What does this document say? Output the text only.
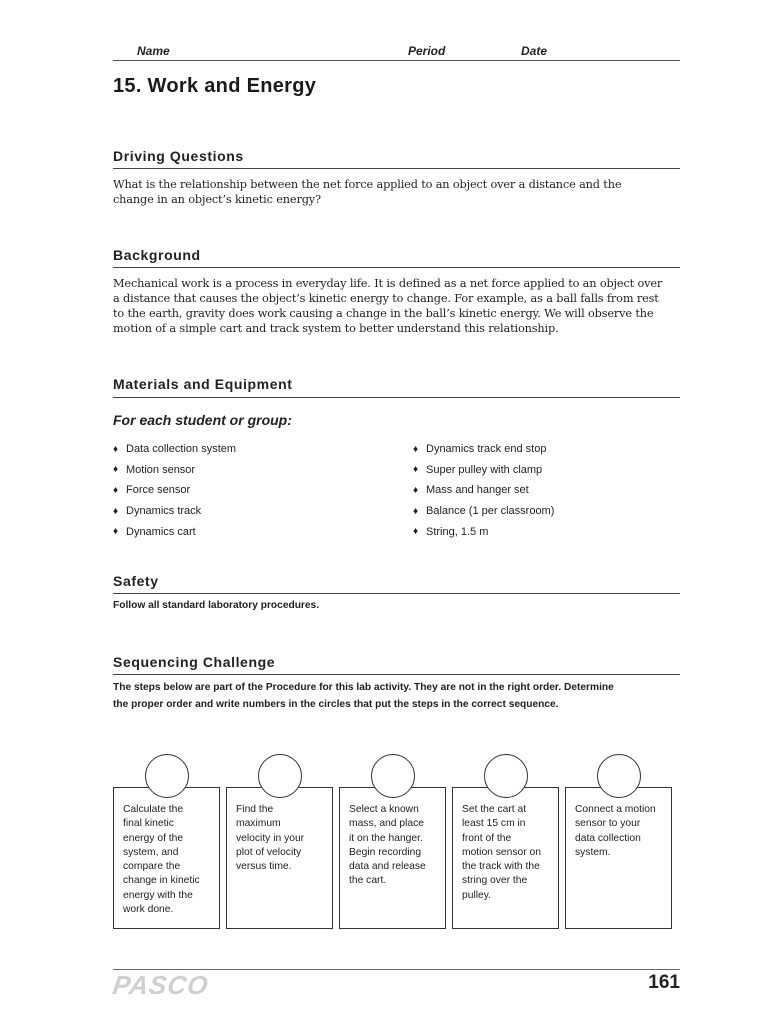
Name	Period	Date
15. Work and Energy
Driving Questions
What is the relationship between the net force applied to an object over a distance and the
change in an object’s kinetic energy?
Background
Mechanical work is a process in everyday life. It is defined as a net force applied to an object over
a distance that causes the object’s kinetic energy to change. For example, as a ball falls from rest
to the earth, gravity does work causing a change in the ball’s kinetic energy. We will observe the
motion of a simple cart and track system to better understand this relationship.
Materials and Equipment
For each student or group:
♦ Data collection system
♦ Motion sensor
♦ Force sensor
♦ Dynamics track
♦ Dynamics cart
♦ Dynamics track end stop
♦ Super pulley with clamp
♦ Mass and hanger set
♦ Balance (1 per classroom)
♦ String, 1.5 m
Safety
Follow all standard laboratory procedures.
Sequencing Challenge
The steps below are part of the Procedure for this lab activity. They are not in the right order. Determine
the proper order and write numbers in the circles that put the steps in the correct sequence.
Calculate the
final kinetic
energy of the
system, and
compare the
change in kinetic
energy with the
work done.
Find the
maximum
velocity in your
plot of velocity
versus time.
Select a known
mass, and place
it on the hanger.
Begin recording
data and release
the cart.
Set the cart at
least 15 cm in
front of the
motion sensor on
the track with the
string over the
pulley.
Connect a motion
sensor to your
data collection
system.
PASCO	161
